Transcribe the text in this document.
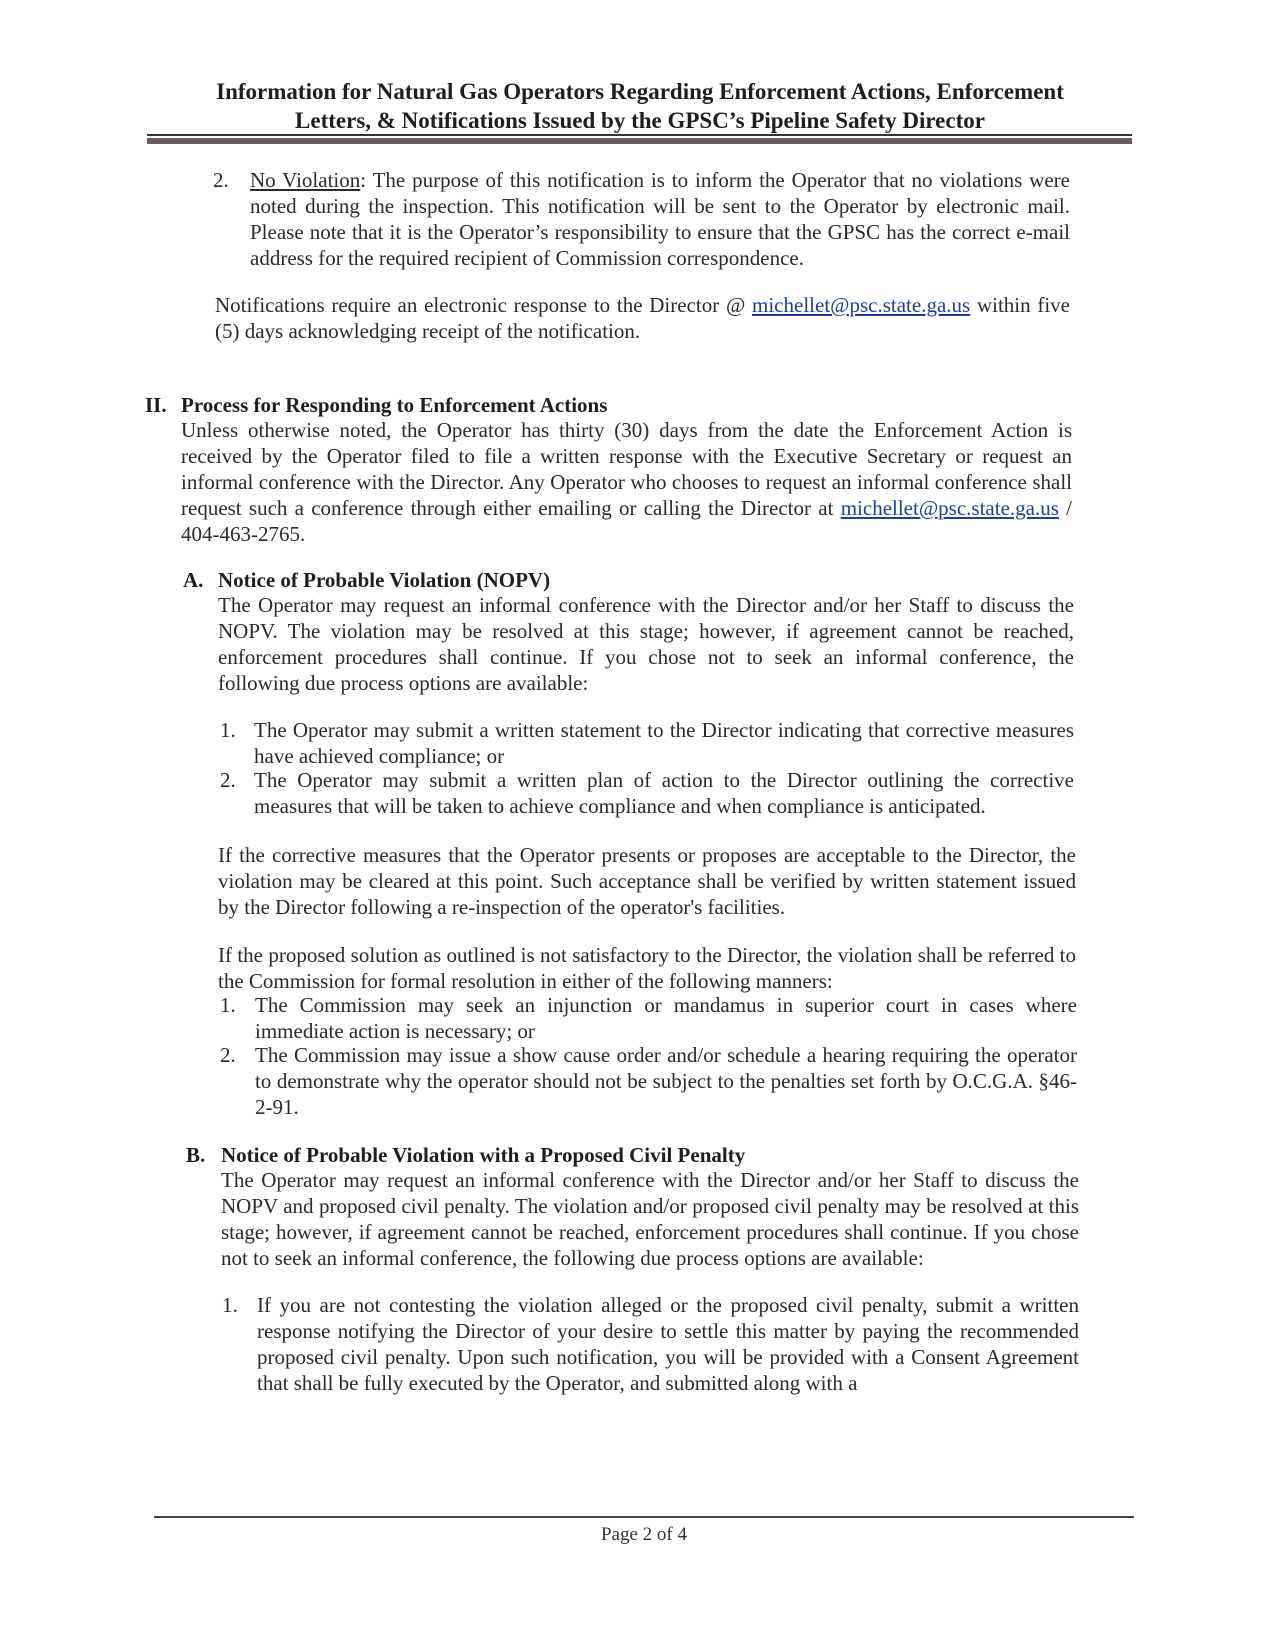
Information for Natural Gas Operators Regarding Enforcement Actions, Enforcement
Letters, & Notifications Issued by the GPSC’s Pipeline Safety Director
2. No Violation: The purpose of this notification is to inform the Operator that no violations were noted during the inspection. This notification will be sent to the Operator by electronic mail. Please note that it is the Operator’s responsibility to ensure that the GPSC has the correct e-mail address for the required recipient of Commission correspondence.
Notifications require an electronic response to the Director @ michellet@psc.state.ga.us within five (5) days acknowledging receipt of the notification.
II. Process for Responding to Enforcement Actions
Unless otherwise noted, the Operator has thirty (30) days from the date the Enforcement Action is received by the Operator filed to file a written response with the Executive Secretary or request an informal conference with the Director. Any Operator who chooses to request an informal conference shall request such a conference through either emailing or calling the Director at michellet@psc.state.ga.us / 404-463-2765.
A. Notice of Probable Violation (NOPV)
The Operator may request an informal conference with the Director and/or her Staff to discuss the NOPV. The violation may be resolved at this stage; however, if agreement cannot be reached, enforcement procedures shall continue. If you chose not to seek an informal conference, the following due process options are available:
1. The Operator may submit a written statement to the Director indicating that corrective measures have achieved compliance; or
2. The Operator may submit a written plan of action to the Director outlining the corrective measures that will be taken to achieve compliance and when compliance is anticipated.
If the corrective measures that the Operator presents or proposes are acceptable to the Director, the violation may be cleared at this point. Such acceptance shall be verified by written statement issued by the Director following a re-inspection of the operator's facilities.
If the proposed solution as outlined is not satisfactory to the Director, the violation shall be referred to the Commission for formal resolution in either of the following manners:
1. The Commission may seek an injunction or mandamus in superior court in cases where immediate action is necessary; or
2. The Commission may issue a show cause order and/or schedule a hearing requiring the operator to demonstrate why the operator should not be subject to the penalties set forth by O.C.G.A. §46-2-91.
B. Notice of Probable Violation with a Proposed Civil Penalty
The Operator may request an informal conference with the Director and/or her Staff to discuss the NOPV and proposed civil penalty. The violation and/or proposed civil penalty may be resolved at this stage; however, if agreement cannot be reached, enforcement procedures shall continue. If you chose not to seek an informal conference, the following due process options are available:
1. If you are not contesting the violation alleged or the proposed civil penalty, submit a written response notifying the Director of your desire to settle this matter by paying the recommended proposed civil penalty. Upon such notification, you will be provided with a Consent Agreement that shall be fully executed by the Operator, and submitted along with a
Page 2 of 4
